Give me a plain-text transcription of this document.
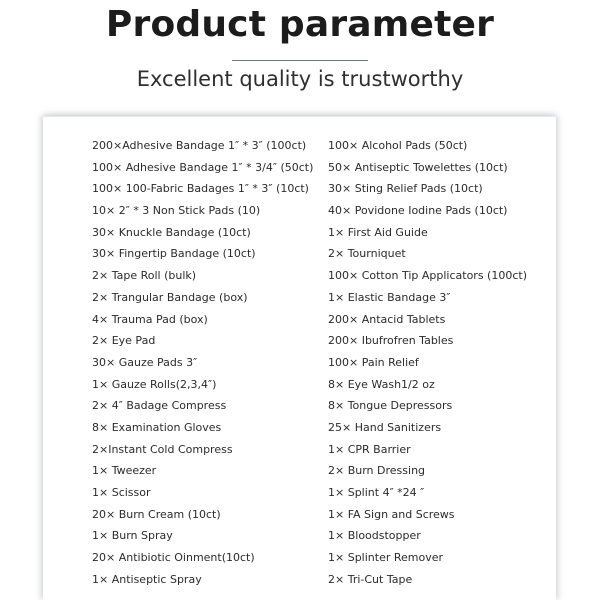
Product parameter
Excellent quality is trustworthy
200×Adhesive Bandage 1″ * 3″ (100ct)
100× Adhesive Bandage 1″ * 3/4″ (50ct)
100× 100-Fabric Badages 1″ * 3″ (10ct)
10× 2″ * 3 Non Stick Pads (10)
30× Knuckle Bandage (10ct)
30× Fingertip Bandage (10ct)
2× Tape Roll (bulk)
2× Trangular Bandage (box)
4× Trauma Pad (box)
2× Eye Pad
30× Gauze Pads 3″
1× Gauze Rolls(2,3,4″)
2× 4″ Badage Compress
8× Examination Gloves
2×Instant Cold Compress
1× Tweezer
1× Scissor
20× Burn Cream (10ct)
1× Burn Spray
20× Antibiotic Oinment(10ct)
1× Antiseptic Spray
100× Alcohol Pads (50ct)
50× Antiseptic Towelettes (10ct)
30× Sting Relief Pads (10ct)
40× Povidone Iodine Pads (10ct)
1× First Aid Guide
2× Tourniquet
100× Cotton Tip Applicators (100ct)
1× Elastic Bandage 3″
200× Antacid Tablets
200× Ibufrofren Tables
100× Pain Relief
8× Eye Wash1/2 oz
8× Tongue Depressors
25× Hand Sanitizers
1× CPR Barrier
2× Burn Dressing
1× Splint 4″ *24 ″
1× FA Sign and Screws
1× Bloodstopper
1× Splinter Remover
2× Tri-Cut Tape
